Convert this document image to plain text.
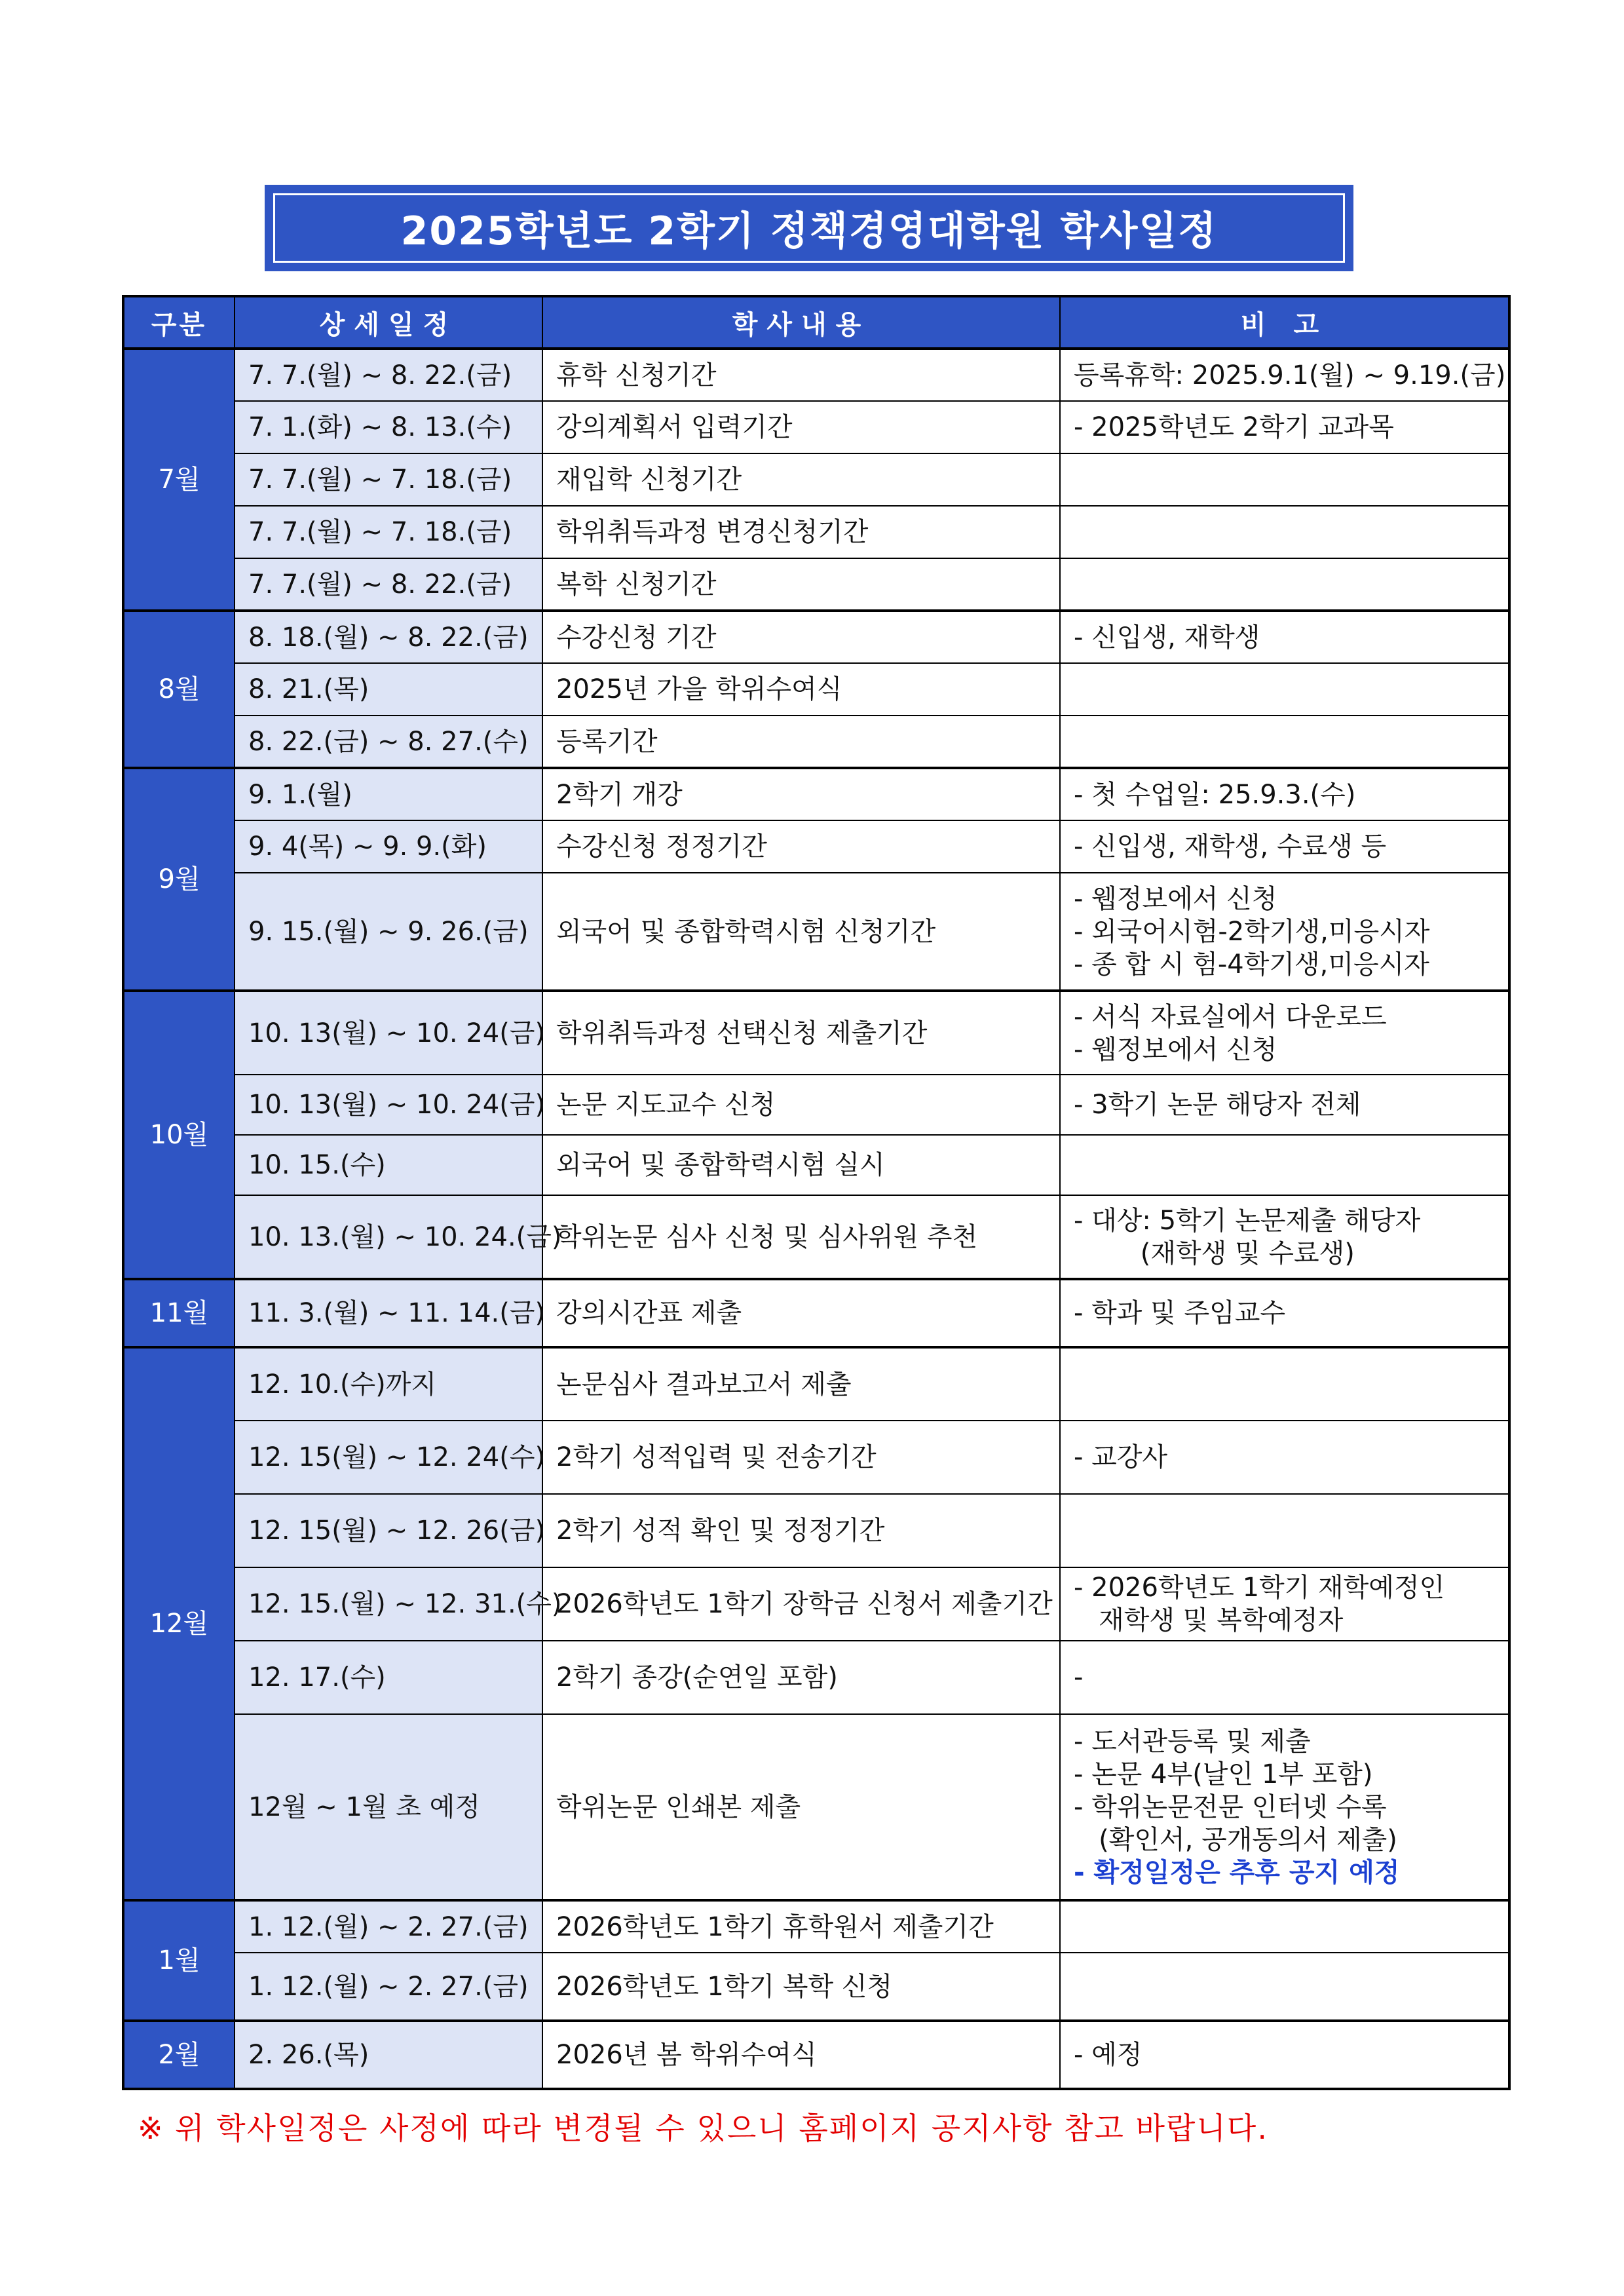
2025학년도 2학기 정책경영대학원 학사일정
구분	상세일정	학사내용	비 고
7월	7. 7.(월) ~ 8. 22.(금)	휴학 신청기간	등록휴학: 2025.9.1(월) ~ 9.19.(금)

	7. 1.(화) ~ 8. 13.(수)	강의계획서 입력기간	- 2025학년도 2학기 교과목

	7. 7.(월) ~ 7. 18.(금)	재입학 신청기간	
	7. 7.(월) ~ 7. 18.(금)	학위취득과정 변경신청기간	
	7. 7.(월) ~ 8. 22.(금)	복학 신청기간	
8월	8. 18.(월) ~ 8. 22.(금)	수강신청 기간	- 신입생, 재학생

	8. 21.(목)	2025년 가을 학위수여식	
	8. 22.(금) ~ 8. 27.(수)	등록기간	
9월	9. 1.(월)	2학기 개강	- 첫 수업일: 25.9.3.(수)

	9. 4(목) ~ 9. 9.(화)	수강신청 정정기간	- 신입생, 재학생, 수료생 등

	9. 15.(월) ~ 9. 26.(금)	외국어 및 종합학력시험 신청기간	- 웹정보에서 신청
- 외국어시험-2학기생,미응시자
- 종 합 시 험-4학기생,미응시자

10월	10. 13(월) ~ 10. 24(금)	학위취득과정 선택신청 제출기간	- 서식 자료실에서 다운로드
- 웹정보에서 신청

	10. 13(월) ~ 10. 24(금)	논문 지도교수 신청	- 3학기 논문 해당자 전체

	10. 15.(수)	외국어 및 종합학력시험 실시	
	10. 13.(월) ~ 10. 24.(금)	학위논문 심사 신청 및 심사위원 추천	- 대상: 5학기 논문제출 해당자
(재학생 및 수료생)

11월	11. 3.(월) ~ 11. 14.(금)	강의시간표 제출	- 학과 및 주임교수

12월	12. 10.(수)까지	논문심사 결과보고서 제출	
	12. 15(월) ~ 12. 24(수)	2학기 성적입력 및 전송기간	- 교강사

	12. 15(월) ~ 12. 26(금)	2학기 성적 확인 및 정정기간	
	12. 15.(월) ~ 12. 31.(수)	2026학년도 1학기 장학금 신청서 제출기간	- 2026학년도 1학기 재학예정인
재학생 및 복학예정자

	12. 17.(수)	2학기 종강(순연일 포함)	-

	12월 ~ 1월 초 예정	학위논문 인쇄본 제출	- 도서관등록 및 제출
- 논문 4부(날인 1부 포함)
- 학위논문전문 인터넷 수록
(확인서, 공개동의서 제출)
- 확정일정은 추후 공지 예정

1월	1. 12.(월) ~ 2. 27.(금)	2026학년도 1학기 휴학원서 제출기간	
	1. 12.(월) ~ 2. 27.(금)	2026학년도 1학기 복학 신청	
2월	2. 26.(목)	2026년 봄 학위수여식	- 예정
※ 위 학사일정은 사정에 따라 변경될 수 있으니 홈페이지 공지사항 참고 바랍니다.
